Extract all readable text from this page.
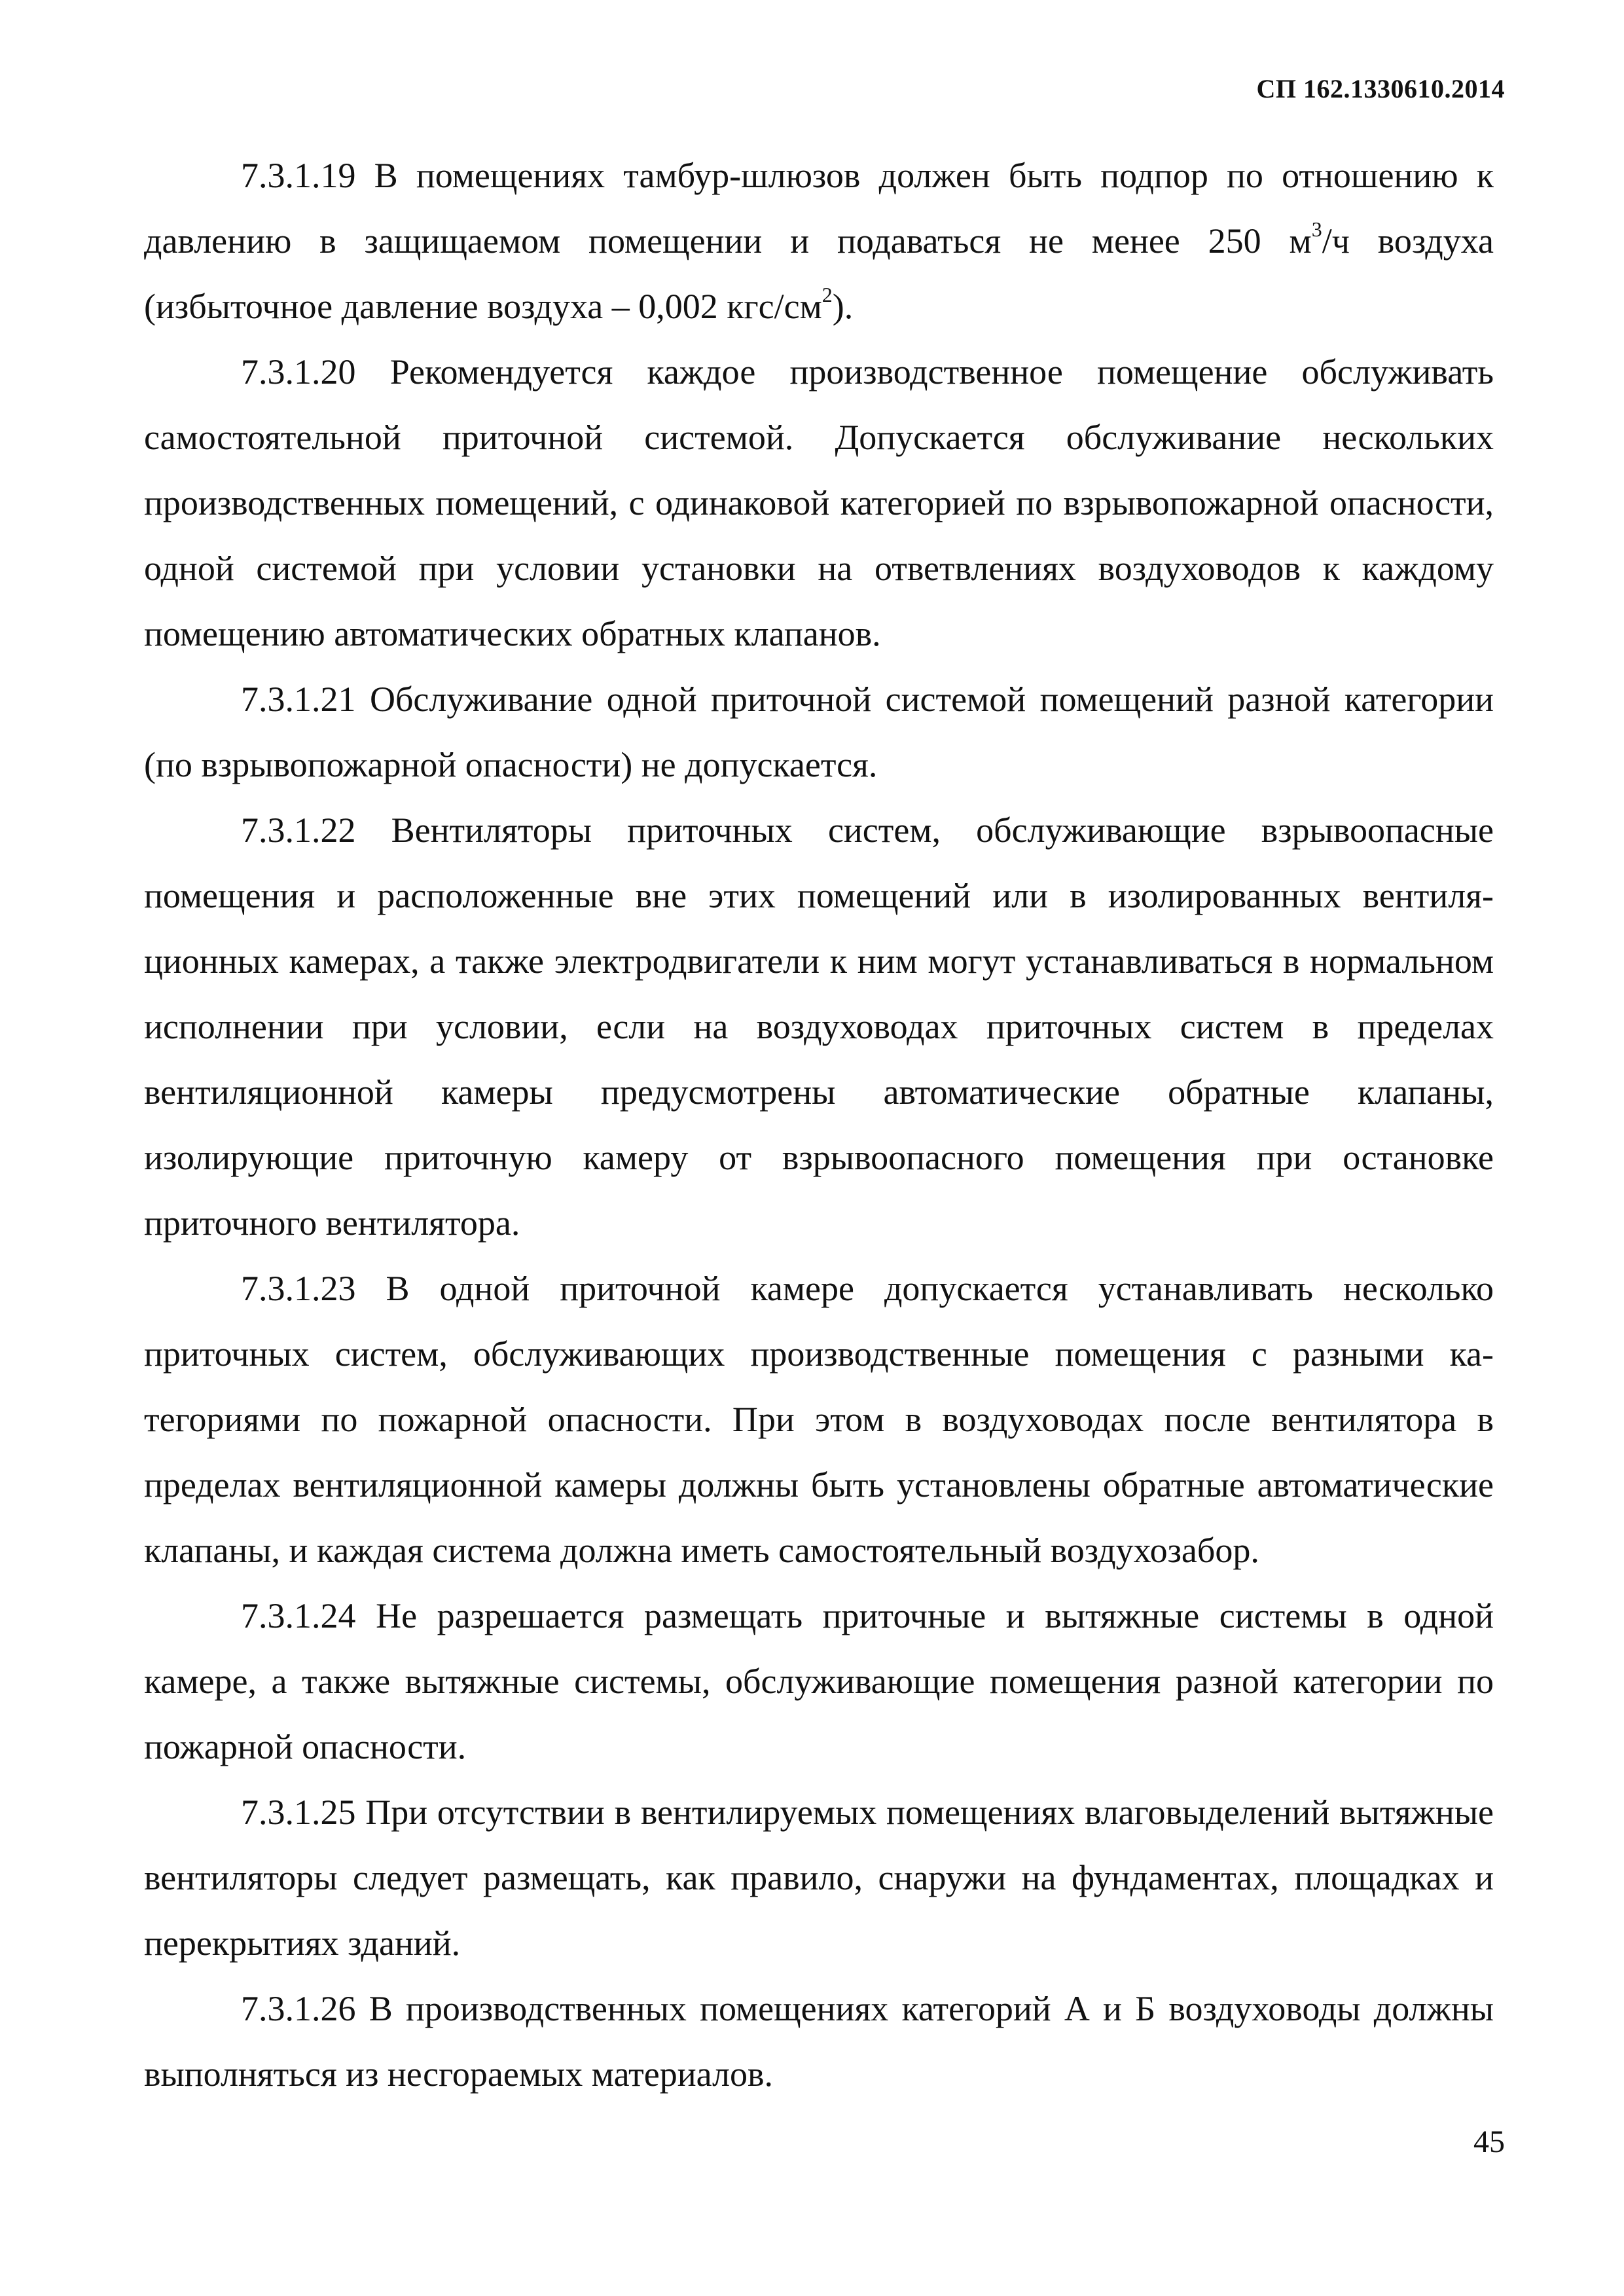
СП 162.1330610.2014

7.3.1.19 В помещениях тамбур-шлюзов должен быть подпор по отношению к давлению в защищаемом помещении и подаваться не менее 250 $м^3/ч$ воздуха (избыточное давление воздуха – 0,002 кгс/$см^2$).

7.3.1.20 Рекомендуется каждое производственное помещение обслуживать самостоятельной приточной системой. Допускается обслуживание нескольких производственных помещений, с одинаковой категорией по взрывопожарной опасности, одной системой при условии установки на ответвлениях воздуховодов к каждому помещению автоматических обратных клапанов.

7.3.1.21 Обслуживание одной приточной системой помещений разной категории (по взрывопожарной опасности) не допускается.

7.3.1.22 Вентиляторы приточных систем, обслуживающие взрывоопасные помещения и расположенные вне этих помещений или в изолированных вентиляционных камерах, а также электродвигатели к ним могут устанавливаться в нормальном исполнении при условии, если на воздуховодах приточных систем в пределах вентиляционной камеры предусмотрены автоматические обратные клапаны, изолирующие приточную камеру от взрывоопасного помещения при остановке приточного вентилятора.

7.3.1.23 В одной приточной камере допускается устанавливать несколько приточных систем, обслуживающих производственные помещения с разными категориями по пожарной опасности. При этом в воздуховодах после вентилятора в пределах вентиляционной камеры должны быть установлены обратные автоматические клапаны, и каждая система должна иметь самостоятельный воздухозабор.

7.3.1.24 Не разрешается размещать приточные и вытяжные системы в одной камере, а также вытяжные системы, обслуживающие помещения разной категории по пожарной опасности.

7.3.1.25 При отсутствии в вентилируемых помещениях влаговыделений вытяжные вентиляторы следует размещать, как правило, снаружи на фундаментах, площадках и перекрытиях зданий.

7.3.1.26 В производственных помещениях категорий А и Б воздуховоды должны выполняться из несгораемых материалов.

45
